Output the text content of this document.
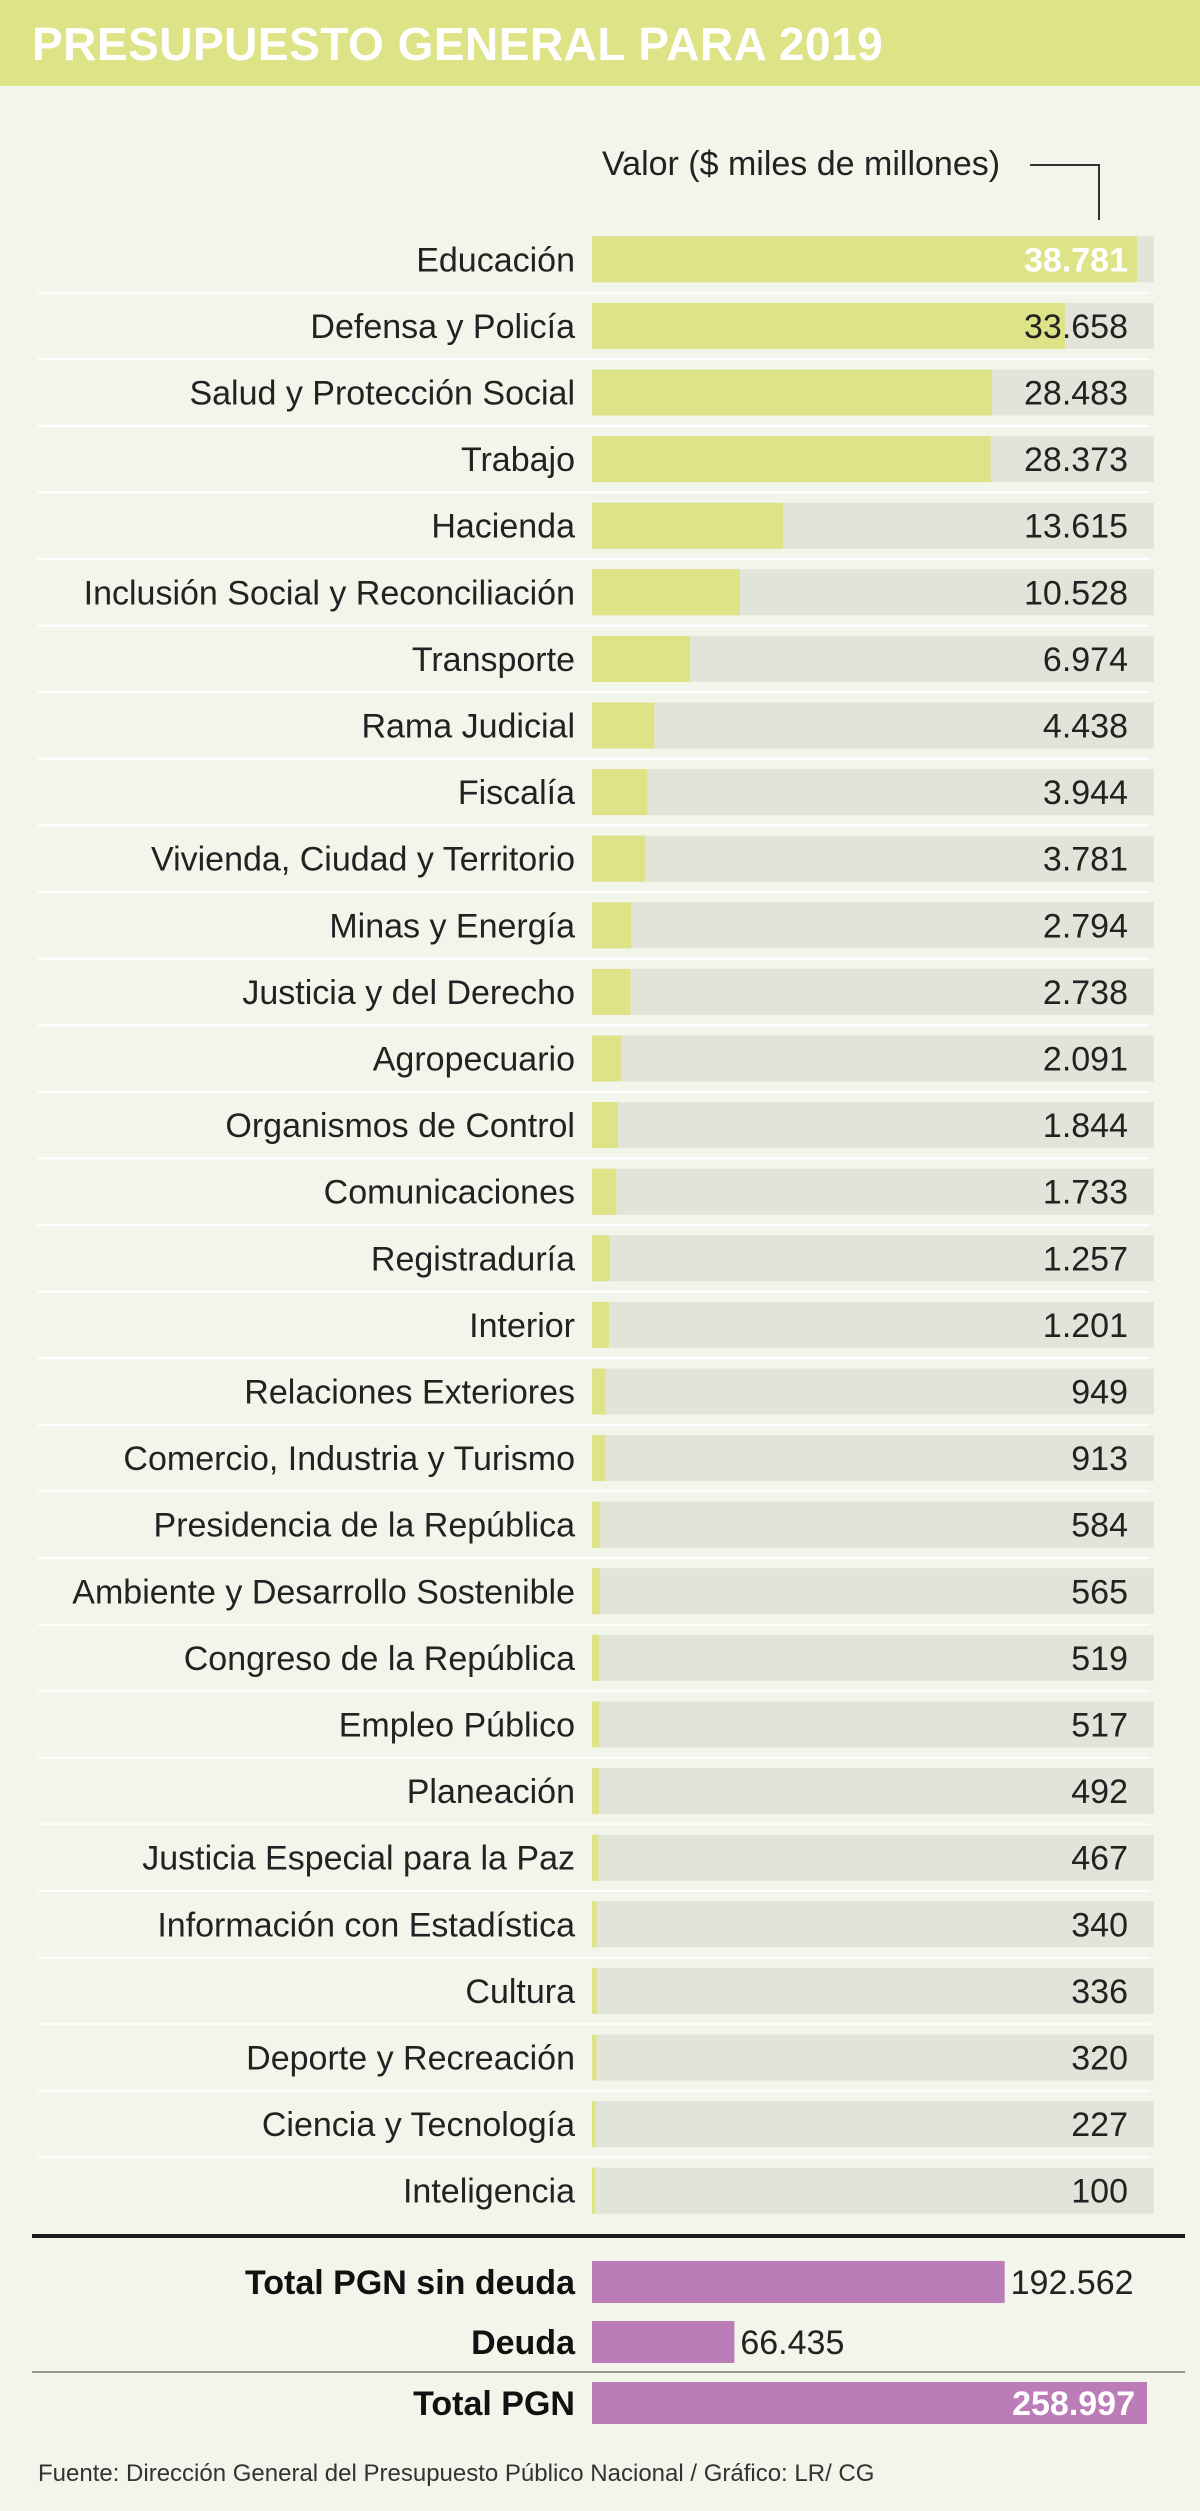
PRESUPUESTO GENERAL PARA 2019
Valor ($ miles de millones)
Educación	38.781
Defensa y Policía	33.658
Salud y Protección Social	28.483
Trabajo	28.373
Hacienda	13.615
Inclusión Social y Reconciliación	10.528
Transporte	6.974
Rama Judicial	4.438
Fiscalía	3.944
Vivienda, Ciudad y Territorio	3.781
Minas y Energía	2.794
Justicia y del Derecho	2.738
Agropecuario	2.091
Organismos de Control	1.844
Comunicaciones	1.733
Registraduría	1.257
Interior	1.201
Relaciones Exteriores	949
Comercio, Industria y Turismo	913
Presidencia de la República	584
Ambiente y Desarrollo Sostenible	565
Congreso de la República	519
Empleo Público	517
Planeación	492
Justicia Especial para la Paz	467
Información con Estadística	340
Cultura	336
Deporte y Recreación	320
Ciencia y Tecnología	227
Inteligencia	100
Total PGN sin deuda	192.562
Deuda	66.435
Total PGN	258.997
Fuente: Dirección General del Presupuesto Público Nacional / Gráfico: LR/ CG
